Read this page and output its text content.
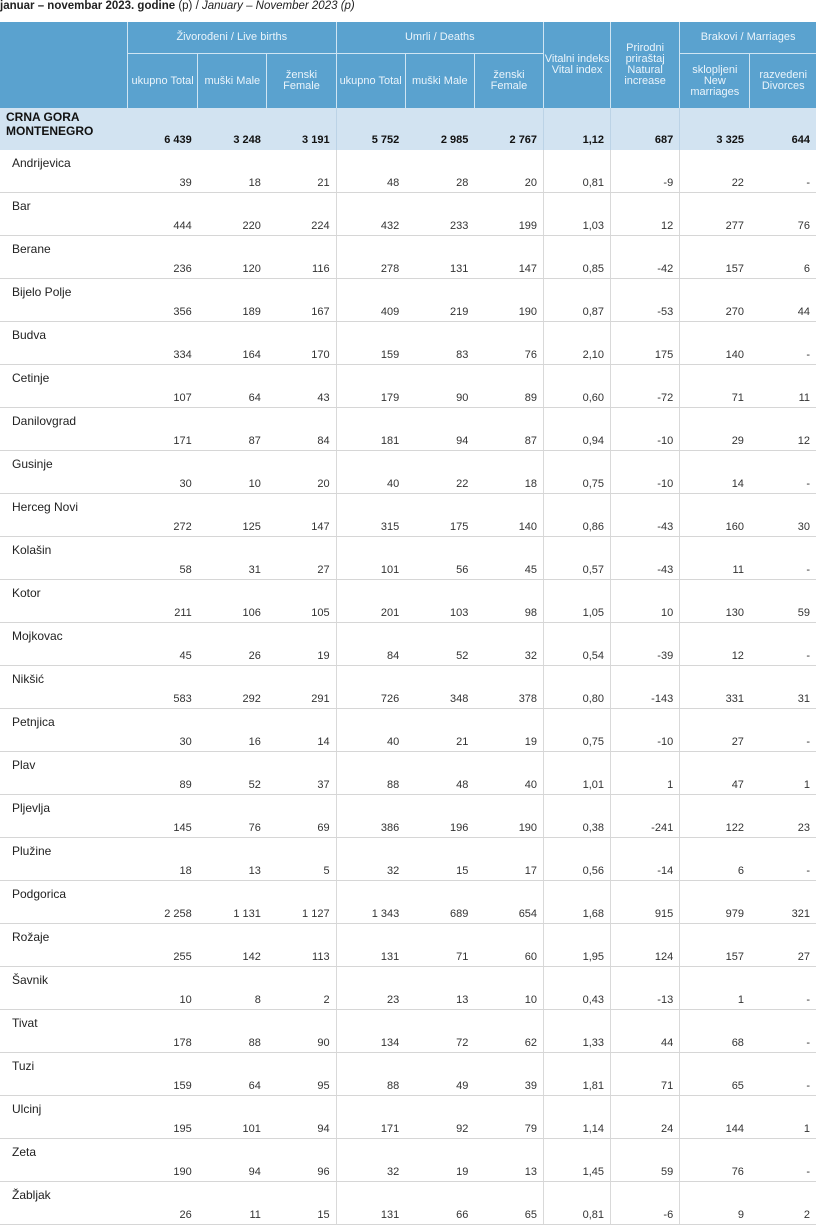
januar – novembar 2023. godine (p) / January – November 2023 (p)
	Živorođeni / Live births			Umrli / Deaths			Vitalni indeks Vital index	Prirodni priraštaj Natural increase	Brakovi / Marriages	
	ukupno Total	muški Male	ženski Female	ukupno Total	muški Male	ženski Female			sklopljeni New marriages	razvedeni Divorces
CRNA GORA
MONTENEGRO	6 439	3 248	3 191	5 752	2 985	2 767	1,12	687	3 325	644
Andrijevica	39	18	21	48	28	20	0,81	-9	22	-
Bar	444	220	224	432	233	199	1,03	12	277	76
Berane	236	120	116	278	131	147	0,85	-42	157	6
Bijelo Polje	356	189	167	409	219	190	0,87	-53	270	44
Budva	334	164	170	159	83	76	2,10	175	140	-
Cetinje	107	64	43	179	90	89	0,60	-72	71	11
Danilovgrad	171	87	84	181	94	87	0,94	-10	29	12
Gusinje	30	10	20	40	22	18	0,75	-10	14	-
Herceg Novi	272	125	147	315	175	140	0,86	-43	160	30
Kolašin	58	31	27	101	56	45	0,57	-43	11	-
Kotor	211	106	105	201	103	98	1,05	10	130	59
Mojkovac	45	26	19	84	52	32	0,54	-39	12	-
Nikšić	583	292	291	726	348	378	0,80	-143	331	31
Petnjica	30	16	14	40	21	19	0,75	-10	27	-
Plav	89	52	37	88	48	40	1,01	1	47	1
Pljevlja	145	76	69	386	196	190	0,38	-241	122	23
Plužine	18	13	5	32	15	17	0,56	-14	6	-
Podgorica	2 258	1 131	1 127	1 343	689	654	1,68	915	979	321
Rožaje	255	142	113	131	71	60	1,95	124	157	27
Šavnik	10	8	2	23	13	10	0,43	-13	1	-
Tivat	178	88	90	134	72	62	1,33	44	68	-
Tuzi	159	64	95	88	49	39	1,81	71	65	-
Ulcinj	195	101	94	171	92	79	1,14	24	144	1
Zeta	190	94	96	32	19	13	1,45	59	76	-
Žabljak	26	11	15	131	66	65	0,81	-6	9	2
